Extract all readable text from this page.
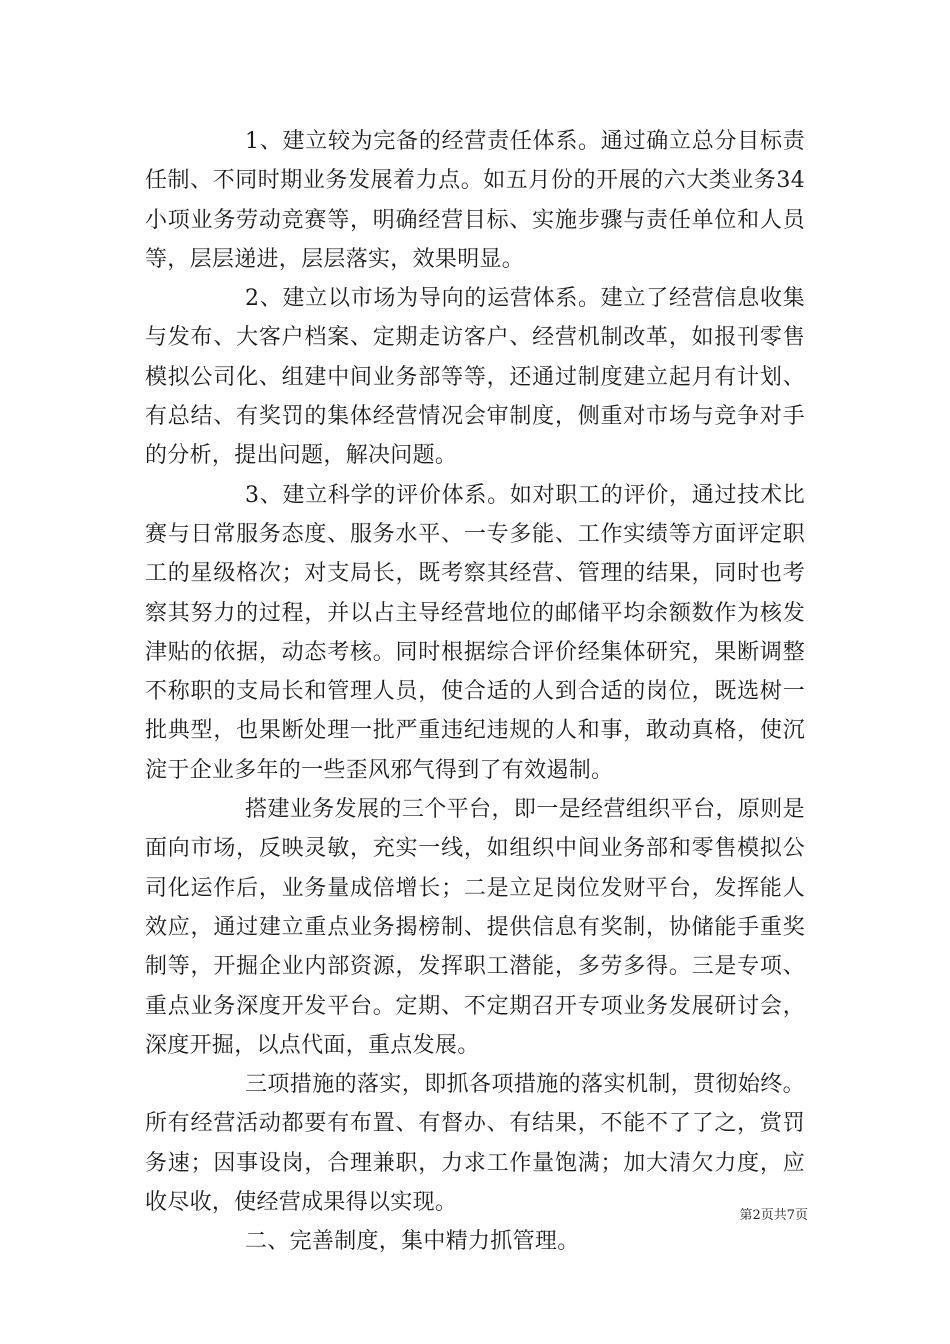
1、建立较为完备的经营责任体系。通过确立总分目标责任制、不同时期业务发展着力点。如五月份的开展的六大类业务34小项业务劳动竞赛等，明确经营目标、实施步骤与责任单位和人员等，层层递进，层层落实，效果明显。

2、建立以市场为导向的运营体系。建立了经营信息收集与发布、大客户档案、定期走访客户、经营机制改革，如报刊零售模拟公司化、组建中间业务部等等，还通过制度建立起月有计划、有总结、有奖罚的集体经营情况会审制度，侧重对市场与竞争对手的分析，提出问题，解决问题。

3、建立科学的评价体系。如对职工的评价，通过技术比赛与日常服务态度、服务水平、一专多能、工作实绩等方面评定职工的星级格次；对支局长，既考察其经营、管理的结果，同时也考察其努力的过程，并以占主导经营地位的邮储平均余额数作为核发津贴的依据，动态考核。同时根据综合评价经集体研究，果断调整不称职的支局长和管理人员，使合适的人到合适的岗位，既选树一批典型，也果断处理一批严重违纪违规的人和事，敢动真格，使沉淀于企业多年的一些歪风邪气得到了有效遏制。

搭建业务发展的三个平台，即一是经营组织平台，原则是面向市场，反映灵敏，充实一线，如组织中间业务部和零售模拟公司化运作后，业务量成倍增长；二是立足岗位发财平台，发挥能人效应，通过建立重点业务揭榜制、提供信息有奖制，协储能手重奖制等，开掘企业内部资源，发挥职工潜能，多劳多得。三是专项、重点业务深度开发平台。定期、不定期召开专项业务发展研讨会，深度开掘，以点代面，重点发展。

三项措施的落实，即抓各项措施的落实机制，贯彻始终。所有经营活动都要有布置、有督办、有结果，不能不了了之，赏罚务速；因事设岗，合理兼职，力求工作量饱满；加大清欠力度，应收尽收，使经营成果得以实现。

二、完善制度，集中精力抓管理。

第2页共7页
